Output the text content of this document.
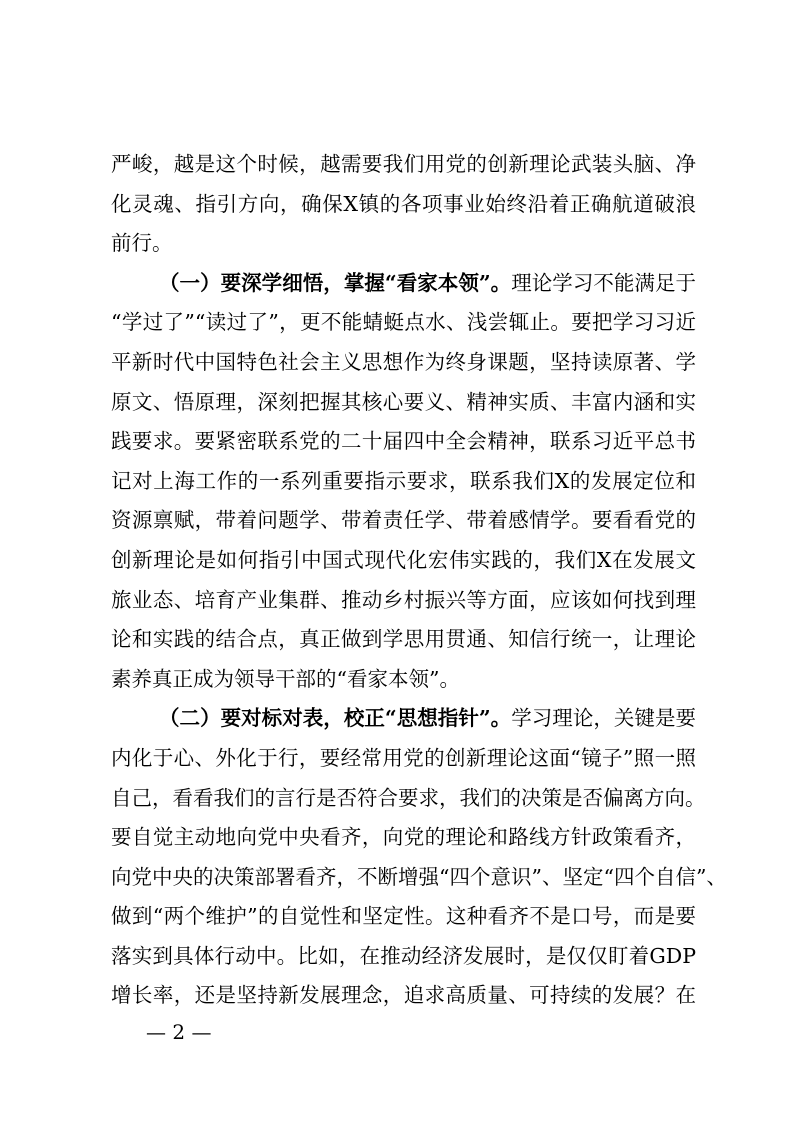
严峻，越是这个时候，越需要我们用党的创新理论武装头脑、净
化灵魂、指引方向，确保X镇的各项事业始终沿着正确航道破浪
前行。
（一）要深学细悟，掌握“看家本领”。理论学习不能满足于
“学过了”“读过了”，更不能蜻蜓点水、浅尝辄止。要把学习习近
平新时代中国特色社会主义思想作为终身课题，坚持读原著、学
原文、悟原理，深刻把握其核心要义、精神实质、丰富内涵和实
践要求。要紧密联系党的二十届四中全会精神，联系习近平总书
记对上海工作的一系列重要指示要求，联系我们X的发展定位和
资源禀赋，带着问题学、带着责任学、带着感情学。要看看党的
创新理论是如何指引中国式现代化宏伟实践的，我们X在发展文
旅业态、培育产业集群、推动乡村振兴等方面，应该如何找到理
论和实践的结合点，真正做到学思用贯通、知信行统一，让理论
素养真正成为领导干部的“看家本领”。
（二）要对标对表，校正“思想指针”。学习理论，关键是要
内化于心、外化于行，要经常用党的创新理论这面“镜子”照一照
自己，看看我们的言行是否符合要求，我们的决策是否偏离方向。
要自觉主动地向党中央看齐，向党的理论和路线方针政策看齐，
向党中央的决策部署看齐，不断增强“四个意识”、坚定“四个自信”、
做到“两个维护”的自觉性和坚定性。这种看齐不是口号，而是要
落实到具体行动中。比如，在推动经济发展时，是仅仅盯着GDP
增长率，还是坚持新发展理念，追求高质量、可持续的发展？在
— 2 —
